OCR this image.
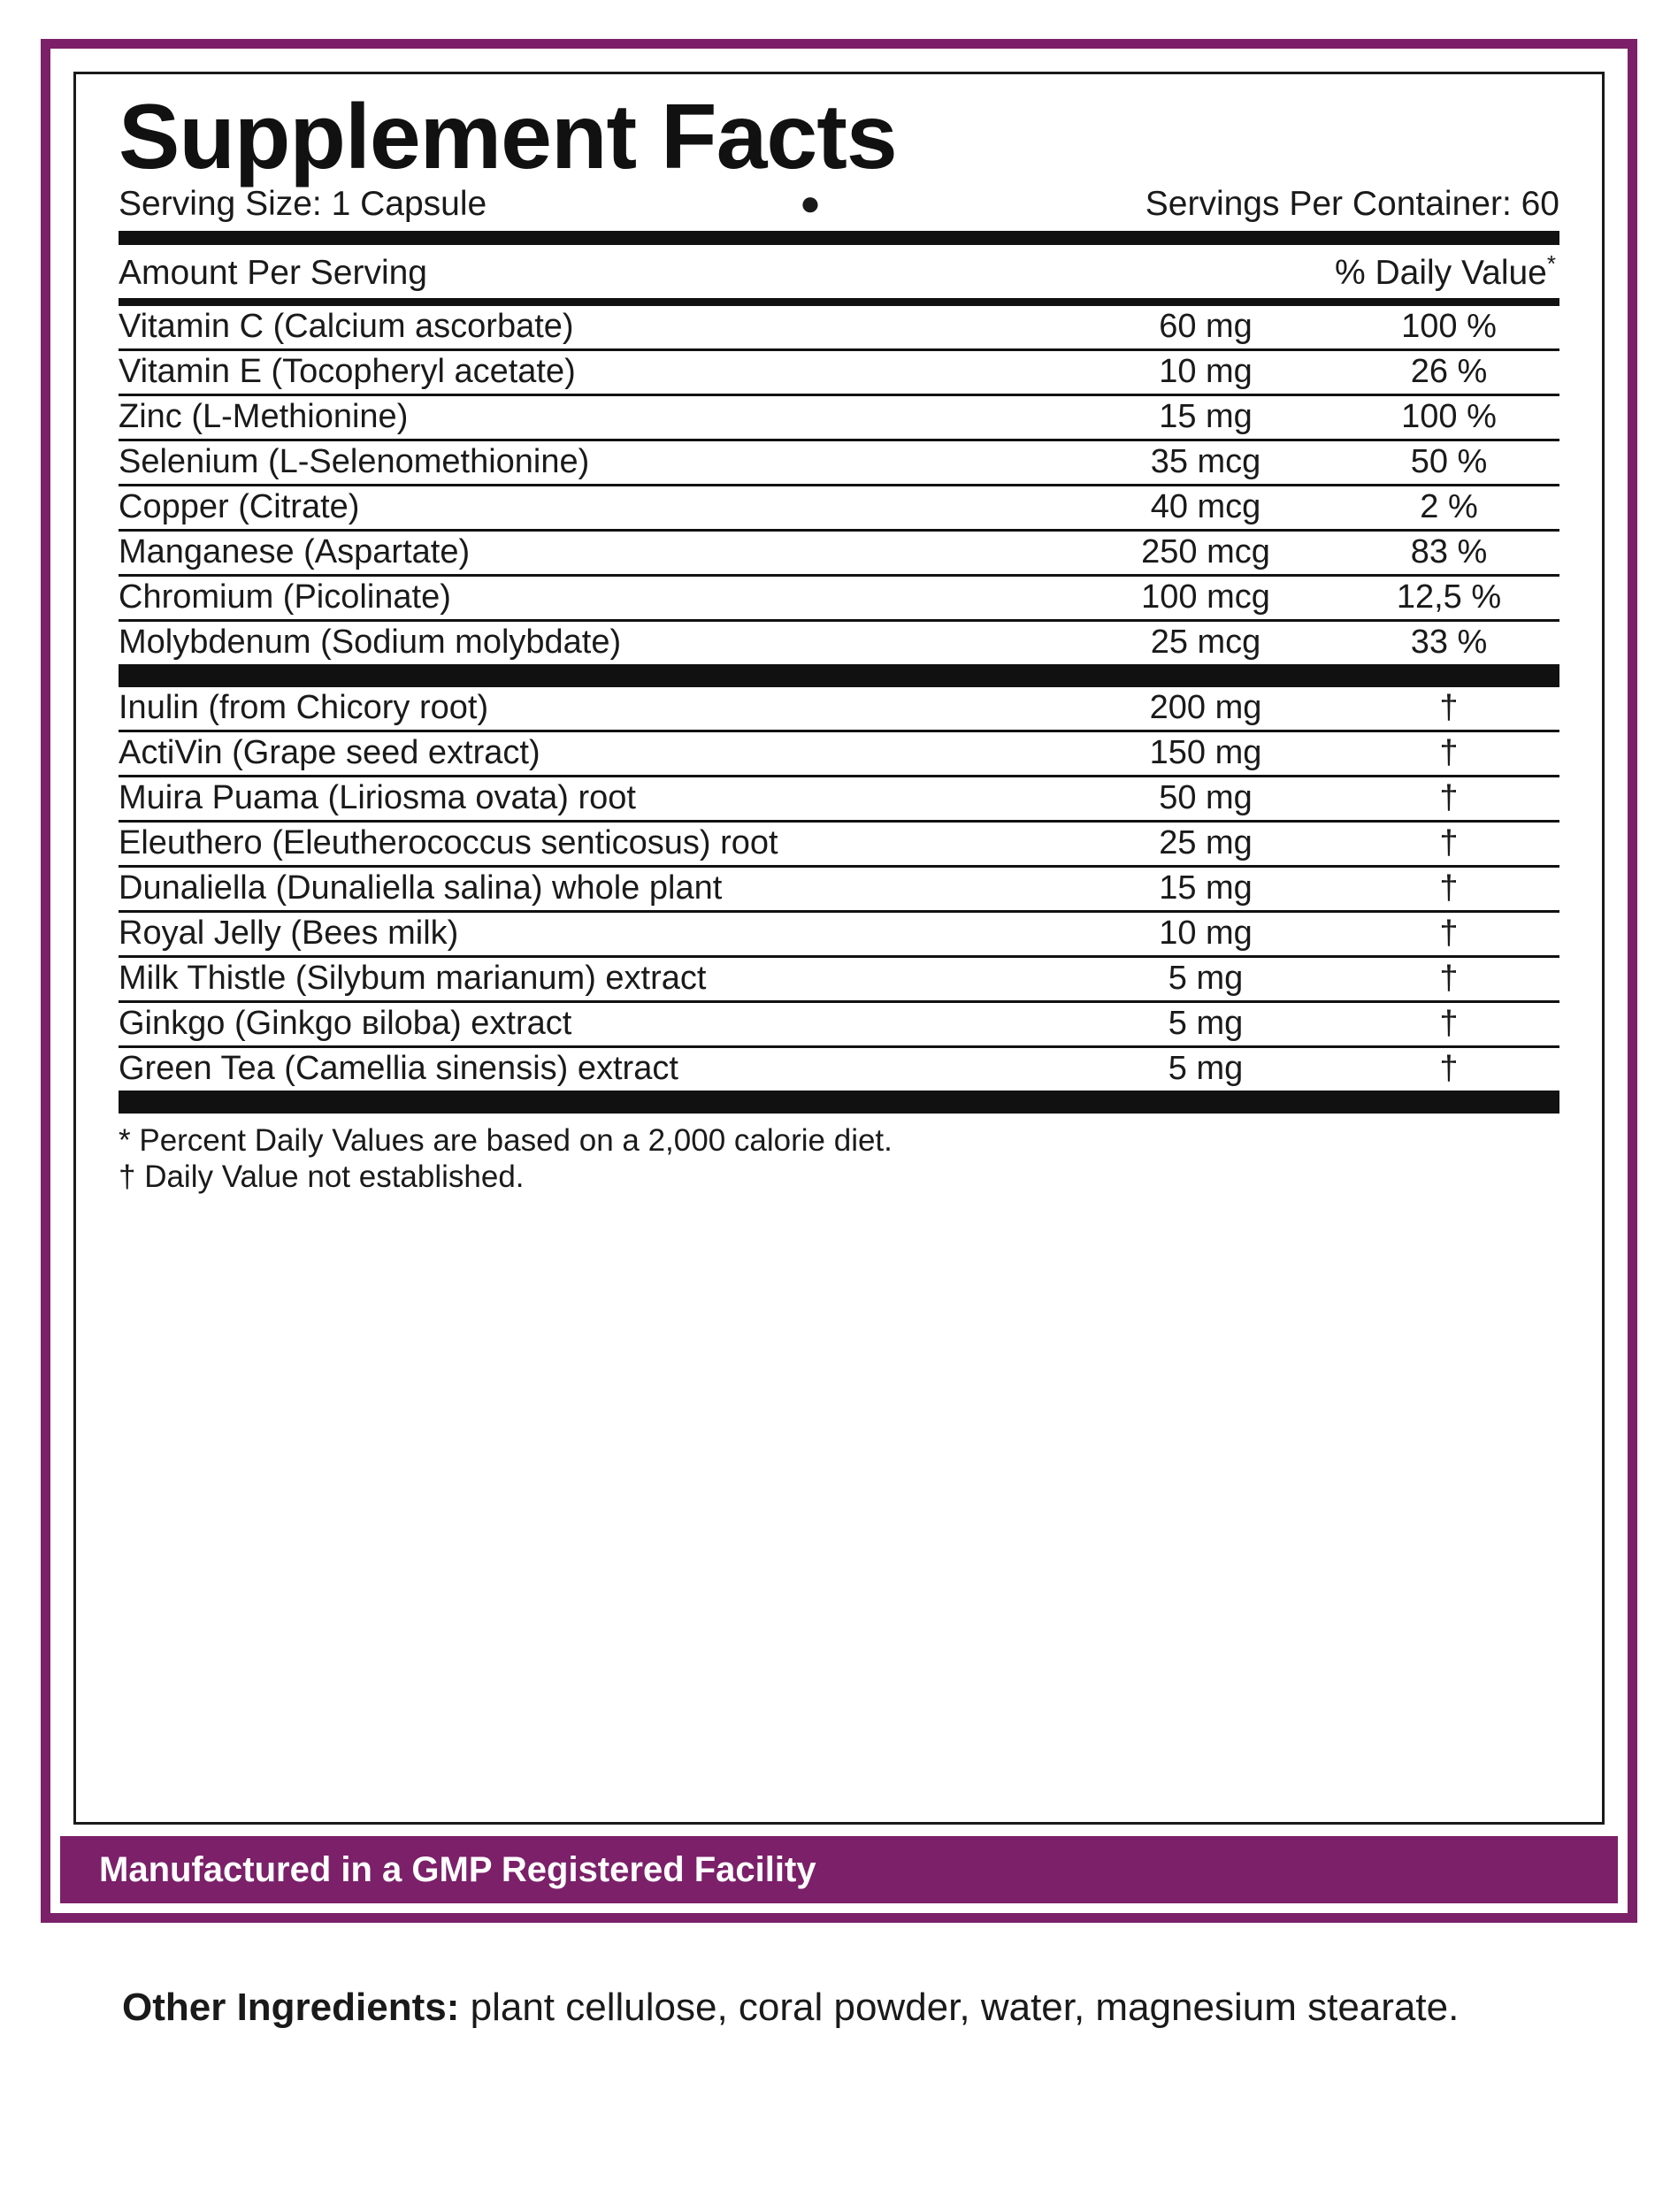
Supplement Facts
Serving Size: 1 Capsule	●	Servings Per Container: 60
Amount Per Serving	% Daily Value*
Vitamin C (Calcium ascorbate)	60 mg	100 %
Vitamin E (Tocopheryl acetate)	10 mg	26 %
Zinc (L-Methionine)	15 mg	100 %
Selenium (L-Selenomethionine)	35 mcg	50 %
Copper (Citrate)	40 mcg	2 %
Manganese (Aspartate)	250 mcg	83 %
Chromium (Picolinate)	100 mcg	12,5 %
Molybdenum (Sodium molybdate)	25 mcg	33 %
Inulin (from Chicory root)	200 mg	†
ActiVin (Grape seed extract)	150 mg	†
Muira Puama (Liriosma ovata) root	50 mg	†
Eleuthero (Eleutherococcus senticosus) root	25 mg	†
Dunaliella (Dunaliella salina) whole plant	15 mg	†
Royal Jelly (Bees milk)	10 mg	†
Milk Thistle (Silybum marianum) extract	5 mg	†
Ginkgo (Ginkgo вiloba) extract	5 mg	†
Green Tea (Camellia sinensis) extract	5 mg	†
* Percent Daily Values are based on a 2,000 calorie diet.
† Daily Value not established.
Manufactured in a GMP Registered Facility
Other Ingredients: plant cellulose, coral powder, water, magnesium stearate.
